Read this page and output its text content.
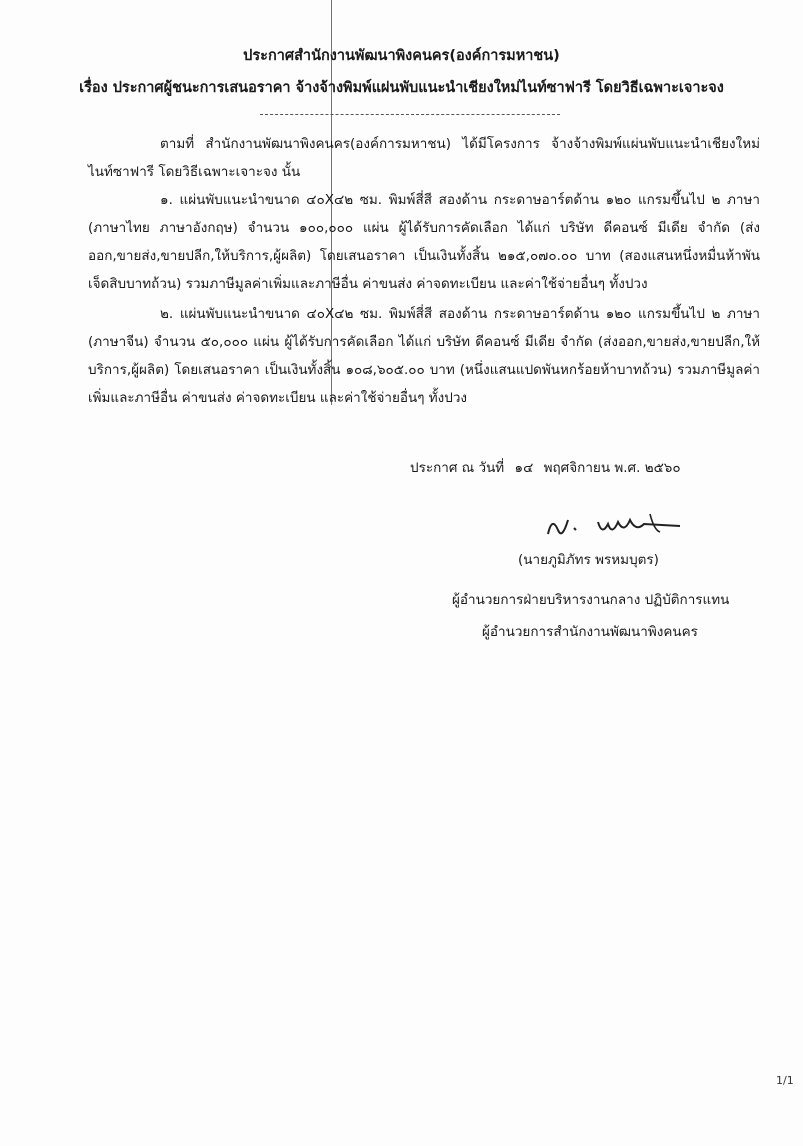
ประกาศสำนักงานพัฒนาพิงคนคร(องค์การมหาชน)
เรื่อง ประกาศผู้ชนะการเสนอราคา จ้างจ้างพิมพ์แผ่นพับแนะนำเชียงใหม่ไนท์ซาฟารี โดยวิธีเฉพาะเจาะจง

ตามที่ สำนักงานพัฒนาพิงคนคร(องค์การมหาชน) ได้มีโครงการ จ้างจ้างพิมพ์แผ่นพับแนะนำเชียงใหม่ไนท์ซาฟารี โดยวิธีเฉพาะเจาะจง นั้น

๑. แผ่นพับแนะนำขนาด ๔๐X๔๒ ซม. พิมพ์สี่สี สองด้าน กระดาษอาร์ตด้าน ๑๒๐ แกรมขึ้นไป ๒ ภาษา (ภาษาไทย ภาษาอังกฤษ) จำนวน ๑๐๐,๐๐๐ แผ่น ผู้ได้รับการคัดเลือก ได้แก่ บริษัท ดีคอนซ์ มีเดีย จำกัด (ส่งออก,ขายส่ง,ขายปลีก,ให้บริการ,ผู้ผลิต) โดยเสนอราคา เป็นเงินทั้งสิ้น ๒๑๕,๐๗๐.๐๐ บาท (สองแสนหนึ่งหมื่นห้าพันเจ็ดสิบบาทถ้วน) รวมภาษีมูลค่าเพิ่มและภาษีอื่น ค่าขนส่ง ค่าจดทะเบียน และค่าใช้จ่ายอื่นๆ ทั้งปวง

๒. แผ่นพับแนะนำขนาด ๔๐X๔๒ ซม. พิมพ์สี่สี สองด้าน กระดาษอาร์ตด้าน ๑๒๐ แกรมขึ้นไป ๒ ภาษา (ภาษาจีน) จำนวน ๕๐,๐๐๐ แผ่น ผู้ได้รับการคัดเลือก ได้แก่ บริษัท ดีคอนซ์ มีเดีย จำกัด (ส่งออก,ขายส่ง,ขายปลีก,ให้บริการ,ผู้ผลิต) โดยเสนอราคา เป็นเงินทั้งสิ้น ๑๐๘,๖๐๕.๐๐ บาท (หนึ่งแสนแปดพันหกร้อยห้าบาทถ้วน) รวมภาษีมูลค่าเพิ่มและภาษีอื่น ค่าขนส่ง ค่าจดทะเบียน และค่าใช้จ่ายอื่นๆ ทั้งปวง

ประกาศ ณ วันที่ ๑๔ พฤศจิกายน พ.ศ. ๒๕๖๐
(นายภูมิภัทร พรหมบุตร)
ผู้อำนวยการฝ่ายบริหารงานกลาง ปฏิบัติการแทน
ผู้อำนวยการสำนักงานพัฒนาพิงคนคร
1/1
